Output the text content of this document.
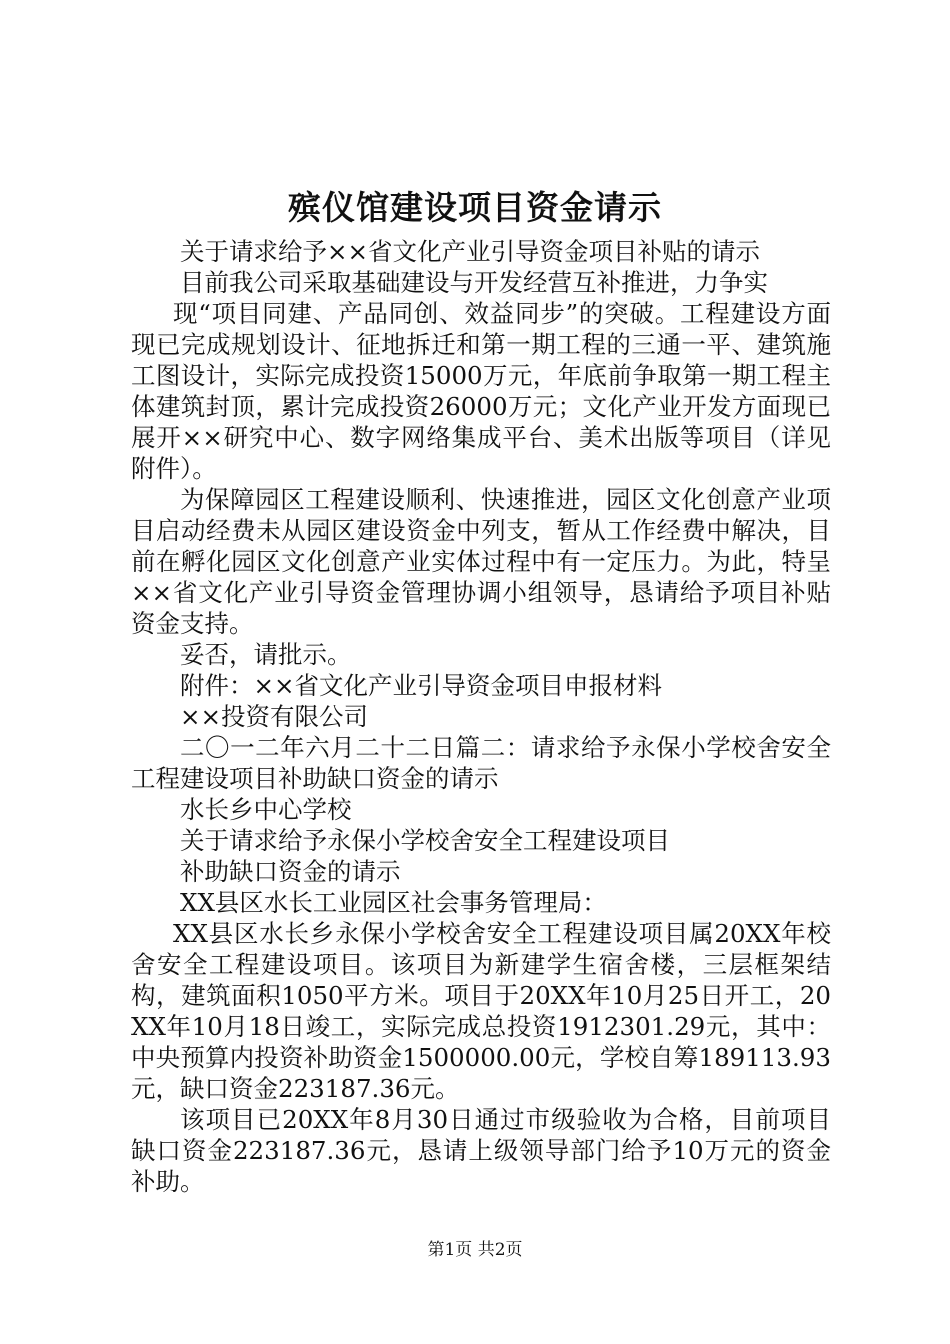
殡仪馆建设项目资金请示

关于请求给予××省文化产业引导资金项目补贴的请示

目前我公司采取基础建设与开发经营互补推进，力争实

现“项目同建、产品同创、效益同步”的突破。工程建设方面现已完成规划设计、征地拆迁和第一期工程的三通一平、建筑施工图设计，实际完成投资15000万元，年底前争取第一期工程主体建筑封顶，累计完成投资26000万元；文化产业开发方面现已展开××研究中心、数字网络集成平台、美术出版等项目（详见附件）。

为保障园区工程建设顺利、快速推进，园区文化创意产业项目启动经费未从园区建设资金中列支，暂从工作经费中解决，目前在孵化园区文化创意产业实体过程中有一定压力。为此，特呈××省文化产业引导资金管理协调小组领导，恳请给予项目补贴资金支持。

妥否，请批示。

附件：××省文化产业引导资金项目申报材料

××投资有限公司

二〇一二年六月二十二日篇二：请求给予永保小学校舍安全工程建设项目补助缺口资金的请示

水长乡中心学校

关于请求给予永保小学校舍安全工程建设项目

补助缺口资金的请示

XX县区水长工业园区社会事务管理局：

XX县区水长乡永保小学校舍安全工程建设项目属20XX年校舍安全工程建设项目。该项目为新建学生宿舍楼，三层框架结构，建筑面积1050平方米。项目于20XX年10月25日开工，20XX年10月18日竣工，实际完成总投资1912301.29元，其中：中央预算内投资补助资金1500000.00元，学校自筹189113.93元，缺口资金223187.36元。

该项目已20XX年8月30日通过市级验收为合格，目前项目缺口资金223187.36元，恳请上级领导部门给予10万元的资金补助。

第1页 共2页
